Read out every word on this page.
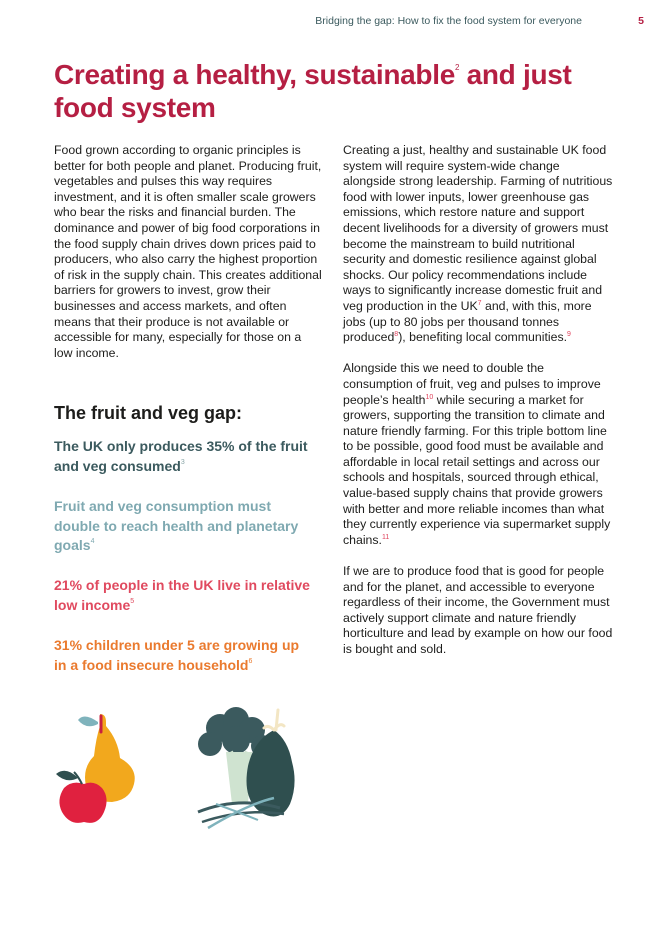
Bridging the gap: How to fix the food system for everyone	5
Creating a healthy, sustainable$^2$ and just food system

Food grown according to organic principles is better for both people and planet. Producing fruit, vegetables and pulses this way requires investment, and it is often smaller scale growers who bear the risks and financial burden. The dominance and power of big food corporations in the food supply chain drives down prices paid to producers, who also carry the highest proportion of risk in the supply chain. This creates additional barriers for growers to invest, grow their businesses and access markets, and often means that their produce is not available or accessible for many, especially for those on a low income.

The fruit and veg gap:

The UK only produces 35% of the fruit and veg consumed$^3$

Fruit and veg consumption must double to reach health and planetary goals$^4$

21% of people in the UK live in relative low income$^5$

31% children under 5 are growing up in a food insecure household$^6$

Creating a just, healthy and sustainable UK food system will require system-wide change alongside strong leadership. Farming of nutritious food with lower inputs, lower greenhouse gas emissions, which restore nature and support decent livelihoods for a diversity of growers must become the mainstream to build nutritional security and domestic resilience against global shocks. Our policy recommendations include ways to significantly increase domestic fruit and veg production in the UK$^7$ and, with this, more jobs (up to 80 jobs per thousand tonnes produced$^8$), benefiting local communities.$^9$

Alongside this we need to double the consumption of fruit, veg and pulses to improve people’s health$^{10}$ while securing a market for growers, supporting the transition to climate and nature friendly farming. For this triple bottom line to be possible, good food must be available and affordable in local retail settings and across our schools and hospitals, sourced through ethical, value-based supply chains that provide growers with better and more reliable incomes than what they currently experience via supermarket supply chains.$^{11}$

If we are to produce food that is good for people and for the planet, and accessible to everyone regardless of their income, the Government must actively support climate and nature friendly horticulture and lead by example on how our food is bought and sold.
